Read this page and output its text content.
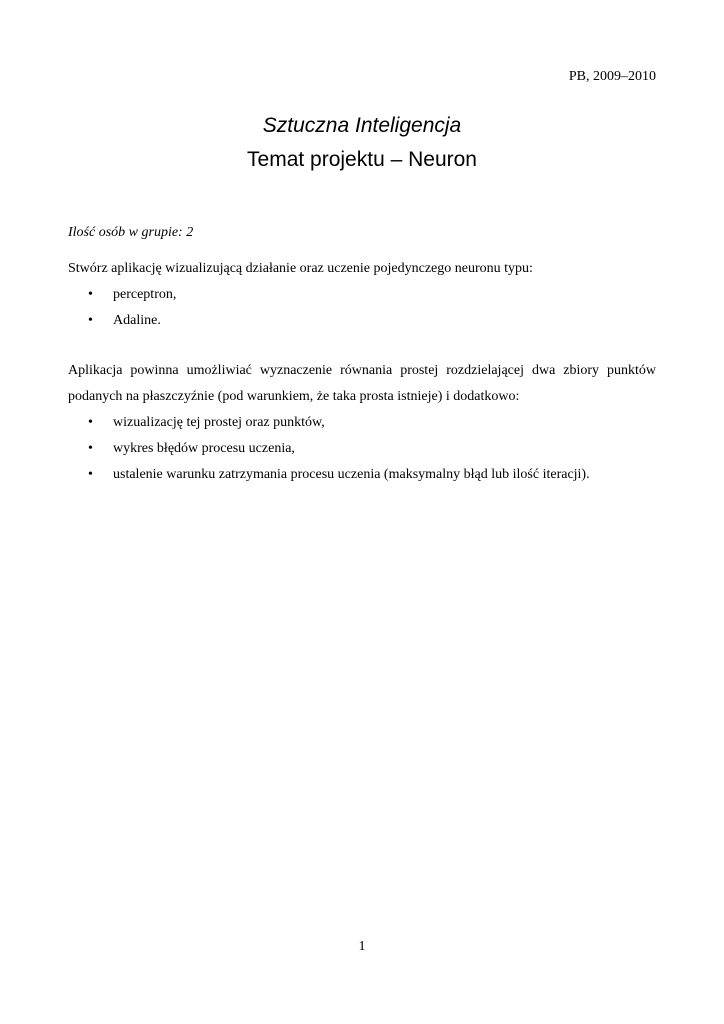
PB, 2009–2010
Sztuczna Inteligencja
Temat projektu – Neuron
Ilość osób w grupie: 2
Stwórz aplikację wizualizującą działanie oraz uczenie pojedynczego neuronu typu:
• perceptron,
• Adaline.
Aplikacja powinna umożliwiać wyznaczenie równania prostej rozdzielającej dwa zbiory punktów podanych na płaszczyźnie (pod warunkiem, że taka prosta istnieje) i dodatkowo:
• wizualizację tej prostej oraz punktów,
• wykres błędów procesu uczenia,
• ustalenie warunku zatrzymania procesu uczenia (maksymalny błąd lub ilość iteracji).
1
